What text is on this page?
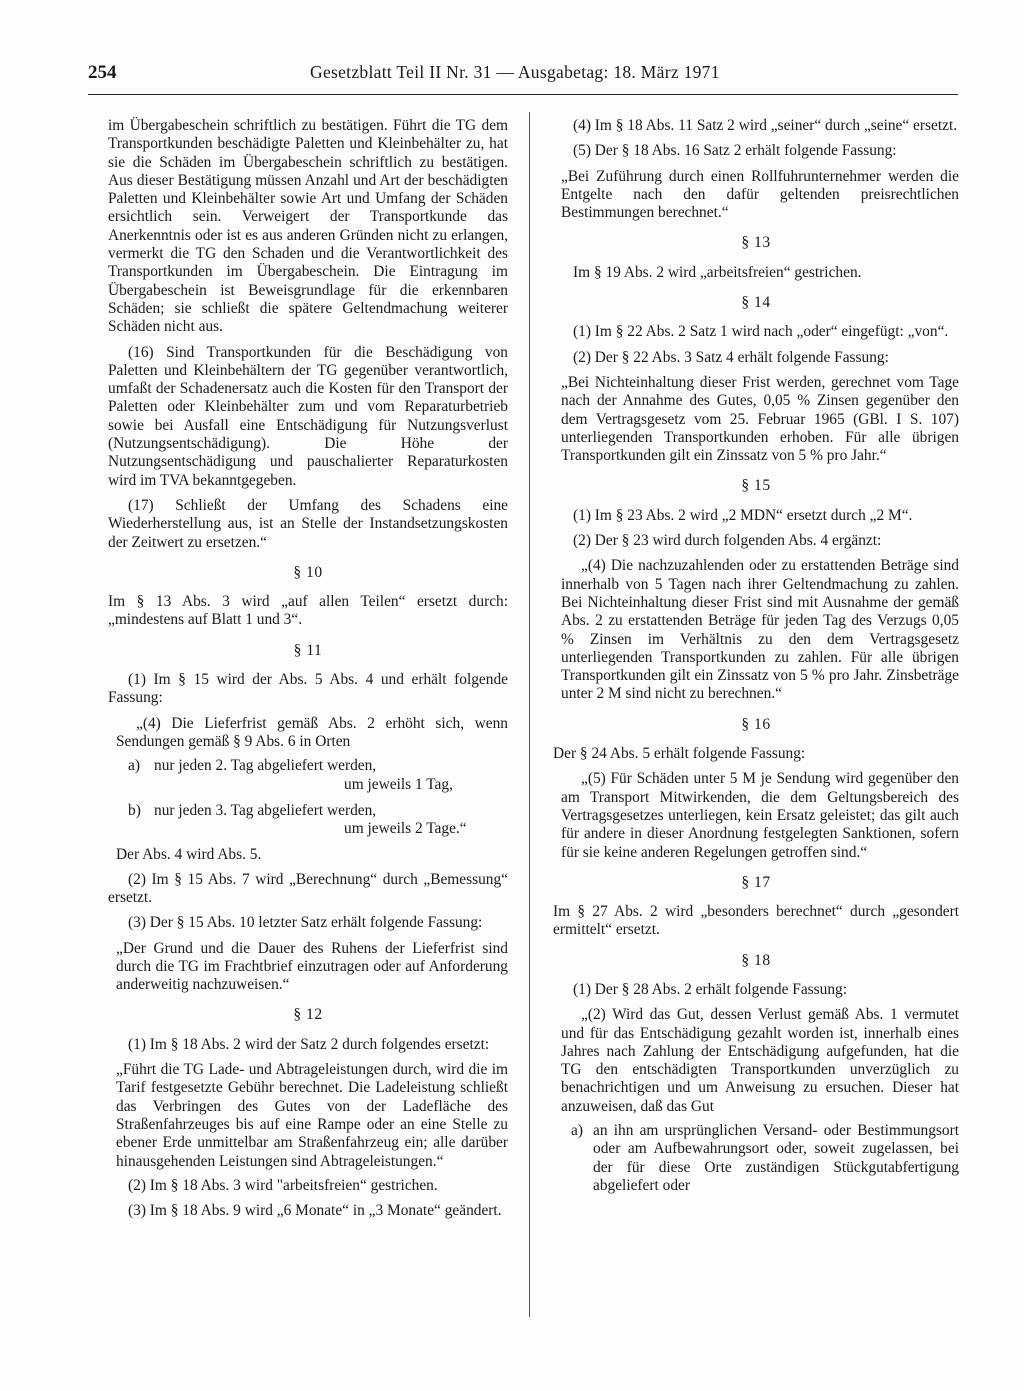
254	Gesetzblatt Teil II Nr. 31 — Ausgabetag: 18. März 1971

im Übergabeschein schriftlich zu bestätigen. Führt die TG dem Transportkunden beschädigte Paletten und Kleinbehälter zu, hat sie die Schäden im Übergabeschein schriftlich zu bestätigen. Aus dieser Bestätigung müssen Anzahl und Art der beschädigten Paletten und Kleinbehälter sowie Art und Umfang der Schäden ersichtlich sein. Verweigert der Transportkunde das Anerkenntnis oder ist es aus anderen Gründen nicht zu erlangen, vermerkt die TG den Schaden und die Verantwortlichkeit des Transportkunden im Übergabeschein. Die Eintragung im Übergabeschein ist Beweisgrundlage für die erkennbaren Schäden; sie schließt die spätere Geltendmachung weiterer Schäden nicht aus.

(16) Sind Transportkunden für die Beschädigung von Paletten und Kleinbehältern der TG gegenüber verantwortlich, umfaßt der Schadenersatz auch die Kosten für den Transport der Paletten oder Kleinbehälter zum und vom Reparaturbetrieb sowie bei Ausfall eine Entschädigung für Nutzungsverlust (Nutzungsentschädigung). Die Höhe der Nutzungsentschädigung und pauschalierter Reparaturkosten wird im TVA bekanntgegeben.

(17) Schließt der Umfang des Schadens eine Wiederherstellung aus, ist an Stelle der Instandsetzungskosten der Zeitwert zu ersetzen.“

§ 10

Im § 13 Abs. 3 wird „auf allen Teilen“ ersetzt durch: „mindestens auf Blatt 1 und 3“.

§ 11

(1) Im § 15 wird der Abs. 5 Abs. 4 und erhält folgende Fassung:

„(4) Die Lieferfrist gemäß Abs. 2 erhöht sich, wenn Sendungen gemäß § 9 Abs. 6 in Orten

a) nur jeden 2. Tag abgeliefert werden,
um jeweils 1 Tag,
b) nur jeden 3. Tag abgeliefert werden,
um jeweils 2 Tage.“

Der Abs. 4 wird Abs. 5.

(2) Im § 15 Abs. 7 wird „Berechnung“ durch „Bemessung“ ersetzt.

(3) Der § 15 Abs. 10 letzter Satz erhält folgende Fassung:

„Der Grund und die Dauer des Ruhens der Lieferfrist sind durch die TG im Frachtbrief einzutragen oder auf Anforderung anderweitig nachzuweisen.“

§ 12

(1) Im § 18 Abs. 2 wird der Satz 2 durch folgendes ersetzt:

„Führt die TG Lade- und Abtrageleistungen durch, wird die im Tarif festgesetzte Gebühr berechnet. Die Ladeleistung schließt das Verbringen des Gutes von der Ladefläche des Straßenfahrzeuges bis auf eine Rampe oder an eine Stelle zu ebener Erde unmittelbar am Straßenfahrzeug ein; alle darüber hinausgehenden Leistungen sind Abtrageleistungen.“

(2) Im § 18 Abs. 3 wird "arbeitsfreien“ gestrichen.

(3) Im § 18 Abs. 9 wird „6 Monate“ in „3 Monate“ geändert.

(4) Im § 18 Abs. 11 Satz 2 wird „seiner“ durch „seine“ ersetzt.

(5) Der § 18 Abs. 16 Satz 2 erhält folgende Fassung:

„Bei Zuführung durch einen Rollfuhrunternehmer werden die Entgelte nach den dafür geltenden preisrechtlichen Bestimmungen berechnet.“

§ 13

Im § 19 Abs. 2 wird „arbeitsfreien“ gestrichen.

§ 14

(1) Im § 22 Abs. 2 Satz 1 wird nach „oder“ eingefügt: „von“.

(2) Der § 22 Abs. 3 Satz 4 erhält folgende Fassung:

„Bei Nichteinhaltung dieser Frist werden, gerechnet vom Tage nach der Annahme des Gutes, 0,05 % Zinsen gegenüber den dem Vertragsgesetz vom 25. Februar 1965 (GBl. I S. 107) unterliegenden Transportkunden erhoben. Für alle übrigen Transportkunden gilt ein Zinssatz von 5 % pro Jahr.“

§ 15

(1) Im § 23 Abs. 2 wird „2 MDN“ ersetzt durch „2 M“.

(2) Der § 23 wird durch folgenden Abs. 4 ergänzt:

„(4) Die nachzuzahlenden oder zu erstattenden Beträge sind innerhalb von 5 Tagen nach ihrer Geltendmachung zu zahlen. Bei Nichteinhaltung dieser Frist sind mit Ausnahme der gemäß Abs. 2 zu erstattenden Beträge für jeden Tag des Verzugs 0,05 % Zinsen im Verhältnis zu den dem Vertragsgesetz unterliegenden Transportkunden zu zahlen. Für alle übrigen Transportkunden gilt ein Zinssatz von 5 % pro Jahr. Zinsbeträge unter 2 M sind nicht zu berechnen.“

§ 16

Der § 24 Abs. 5 erhält folgende Fassung:

„(5) Für Schäden unter 5 M je Sendung wird gegenüber den am Transport Mitwirkenden, die dem Geltungsbereich des Vertragsgesetzes unterliegen, kein Ersatz geleistet; das gilt auch für andere in dieser Anordnung festgelegten Sanktionen, sofern für sie keine anderen Regelungen getroffen sind.“

§ 17

Im § 27 Abs. 2 wird „besonders berechnet“ durch „gesondert ermittelt“ ersetzt.

§ 18

(1) Der § 28 Abs. 2 erhält folgende Fassung:

„(2) Wird das Gut, dessen Verlust gemäß Abs. 1 vermutet und für das Entschädigung gezahlt worden ist, innerhalb eines Jahres nach Zahlung der Entschädigung aufgefunden, hat die TG den entschädigten Transportkunden unverzüglich zu benachrichtigen und um Anweisung zu ersuchen. Dieser hat anzuweisen, daß das Gut

a) an ihn am ursprünglichen Versand- oder Bestimmungsort oder am Aufbewahrungsort oder, soweit zugelassen, bei der für diese Orte zuständigen Stückgutabfertigung abgeliefert oder
